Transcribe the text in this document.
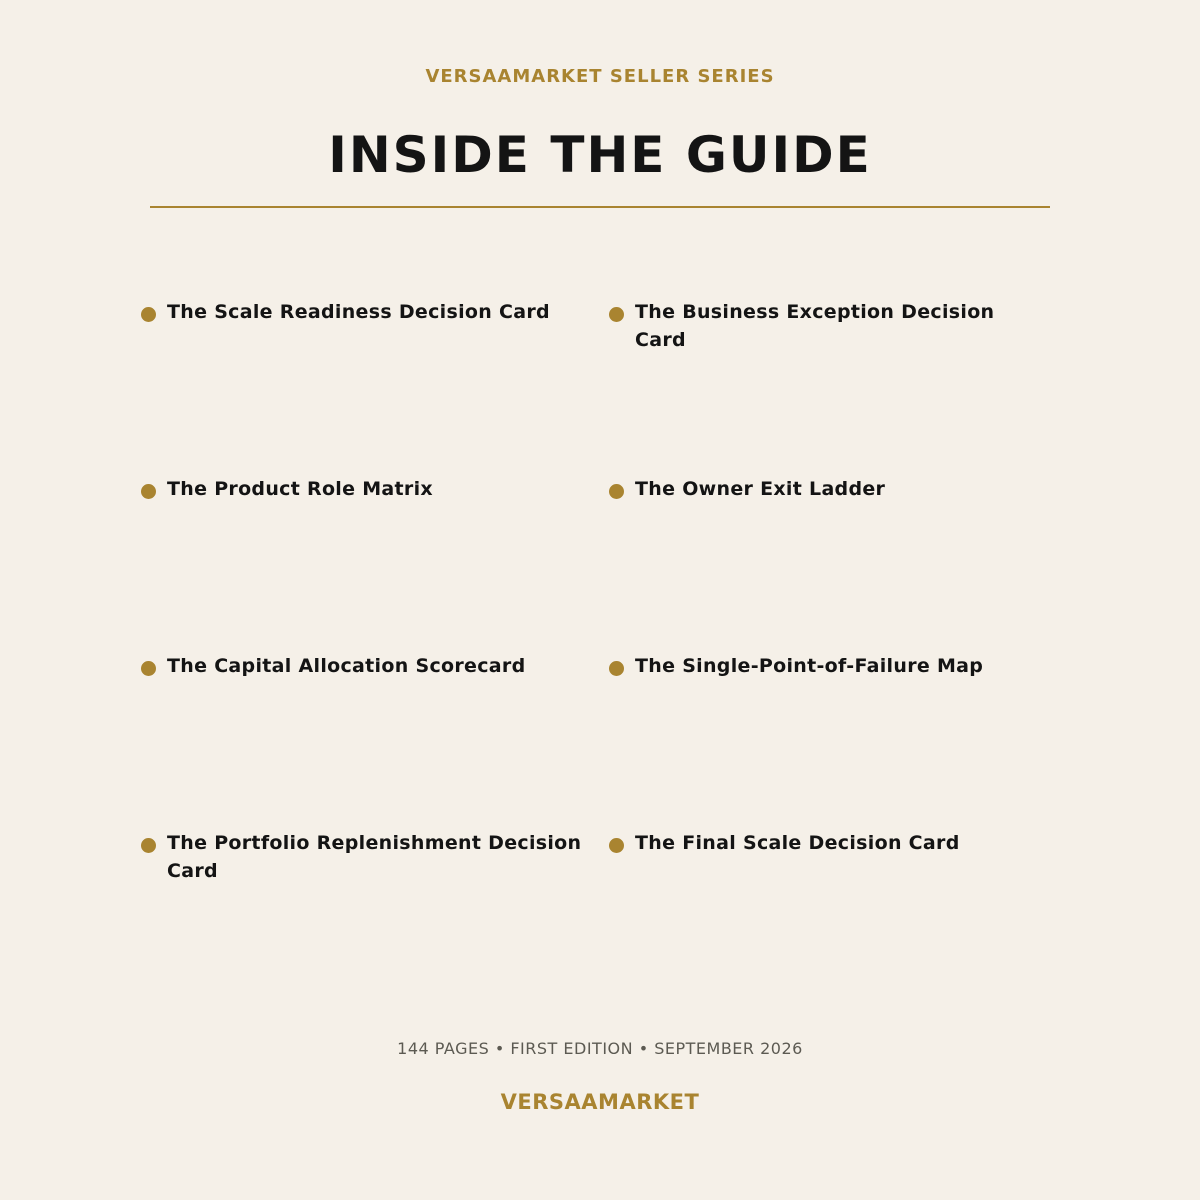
VERSAAMARKET SELLER SERIES
INSIDE THE GUIDE
The Scale Readiness Decision Card	The Business Exception Decision Card
The Product Role Matrix	The Owner Exit Ladder
The Capital Allocation Scorecard	The Single-Point-of-Failure Map
The Portfolio Replenishment Decision Card
The Final Scale Decision Card
144 PAGES • FIRST EDITION • SEPTEMBER 2026
VERSAAMARKET
